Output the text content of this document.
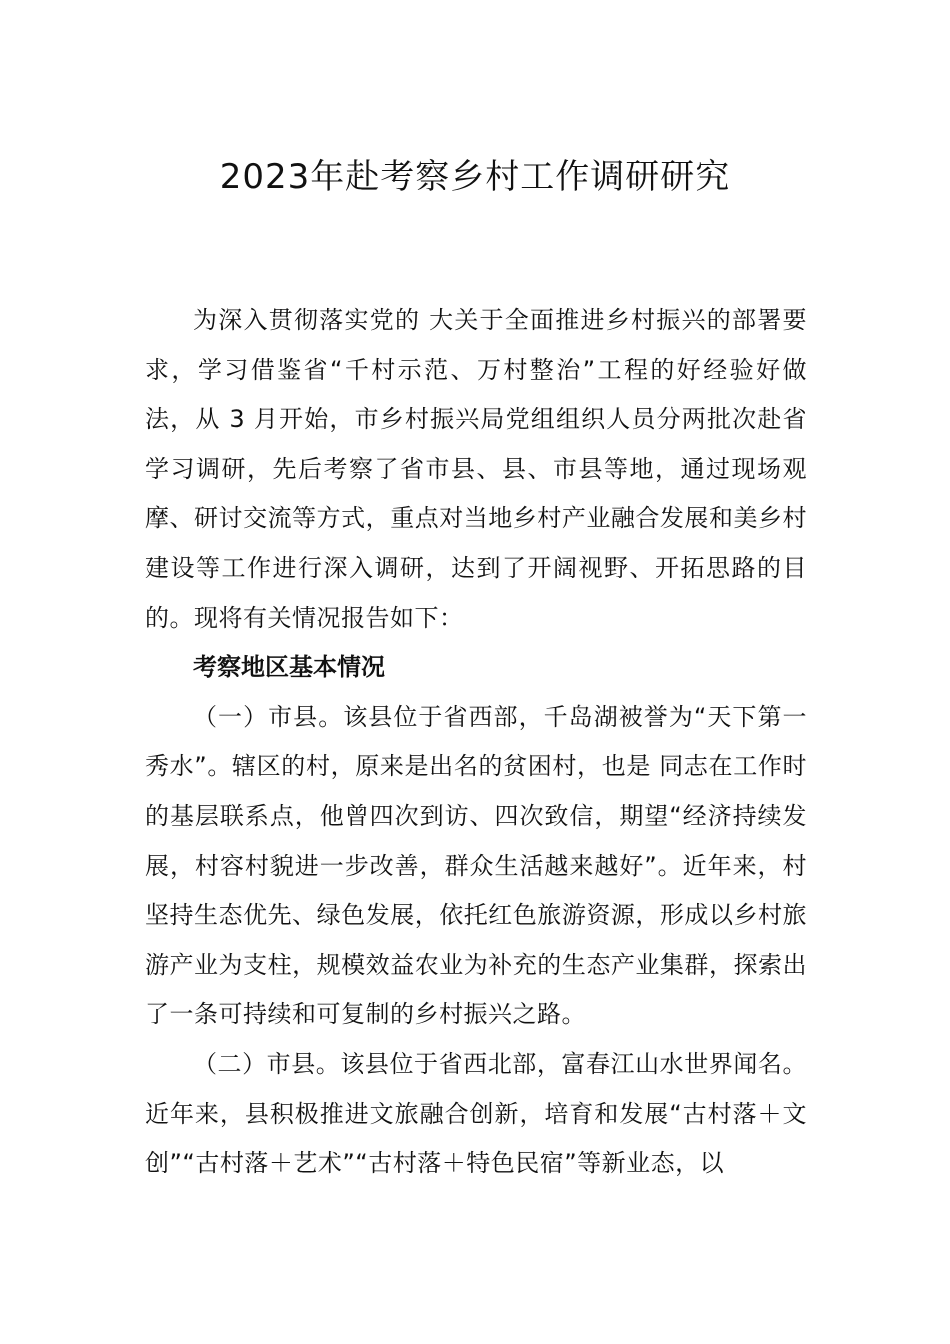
2023年赴考察乡村工作调研研究

为深入贯彻落实党的 大关于全面推进乡村振兴的部署要求，学习借鉴省“千村示范、万村整治”工程的好经验好做法，从 3 月开始，市乡村振兴局党组组织人员分两批次赴省学习调研，先后考察了省市县、县、市县等地，通过现场观摩、研讨交流等方式，重点对当地乡村产业融合发展和美乡村建设等工作进行深入调研，达到了开阔视野、开拓思路的目的。现将有关情况报告如下：

考察地区基本情况

（一）市县。该县位于省西部，千岛湖被誉为“天下第一秀水”。辖区的村，原来是出名的贫困村，也是 同志在工作时的基层联系点，他曾四次到访、四次致信，期望“经济持续发展，村容村貌进一步改善，群众生活越来越好”。近年来，村坚持生态优先、绿色发展，依托红色旅游资源，形成以乡村旅游产业为支柱，规模效益农业为补充的生态产业集群，探索出了一条可持续和可复制的乡村振兴之路。

（二）市县。该县位于省西北部，富春江山水世界闻名。近年来，县积极推进文旅融合创新，培育和发展“古村落＋文创”“古村落＋艺术”“古村落＋特色民宿”等新业态，以
